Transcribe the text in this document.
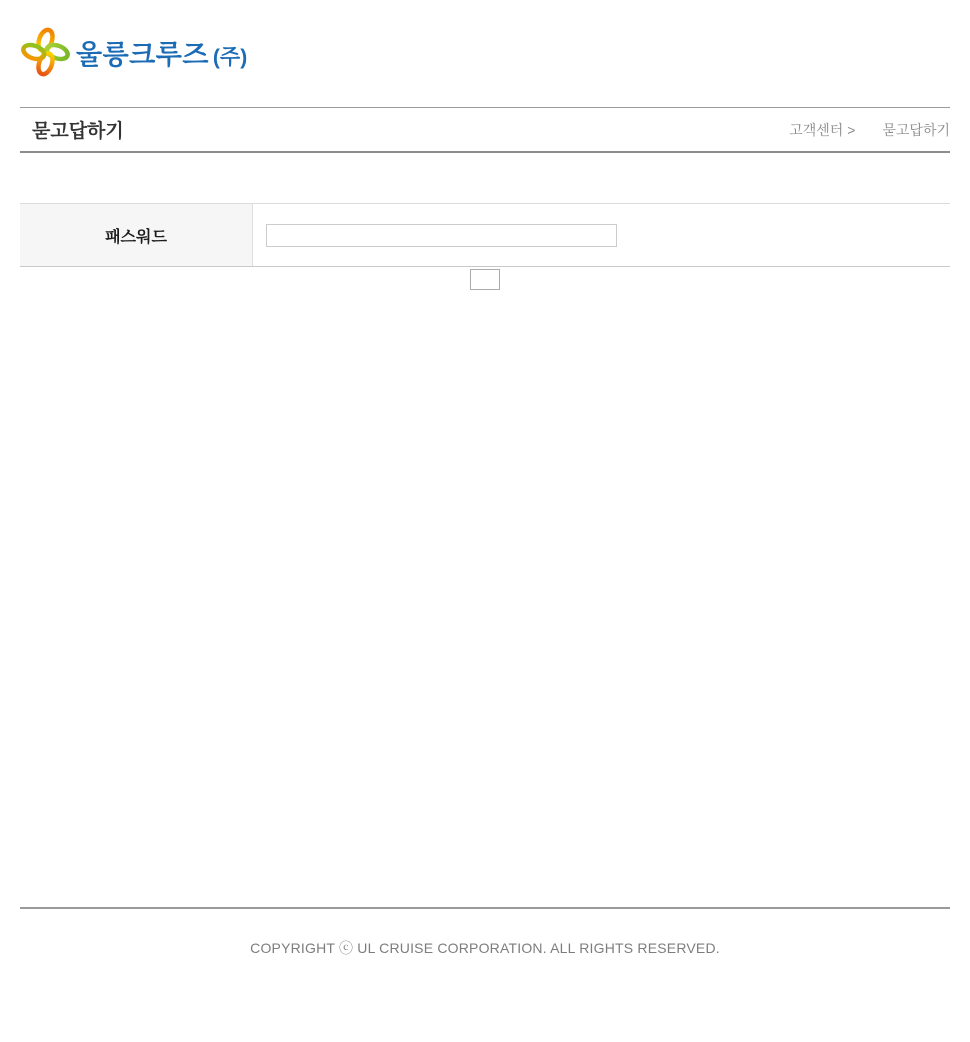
울릉크루즈 (주)
묻고답하기	고객센터 > 묻고답하기
패스워드
COPYRIGHT ⓒ UL CRUISE CORPORATION. ALL RIGHTS RESERVED.
